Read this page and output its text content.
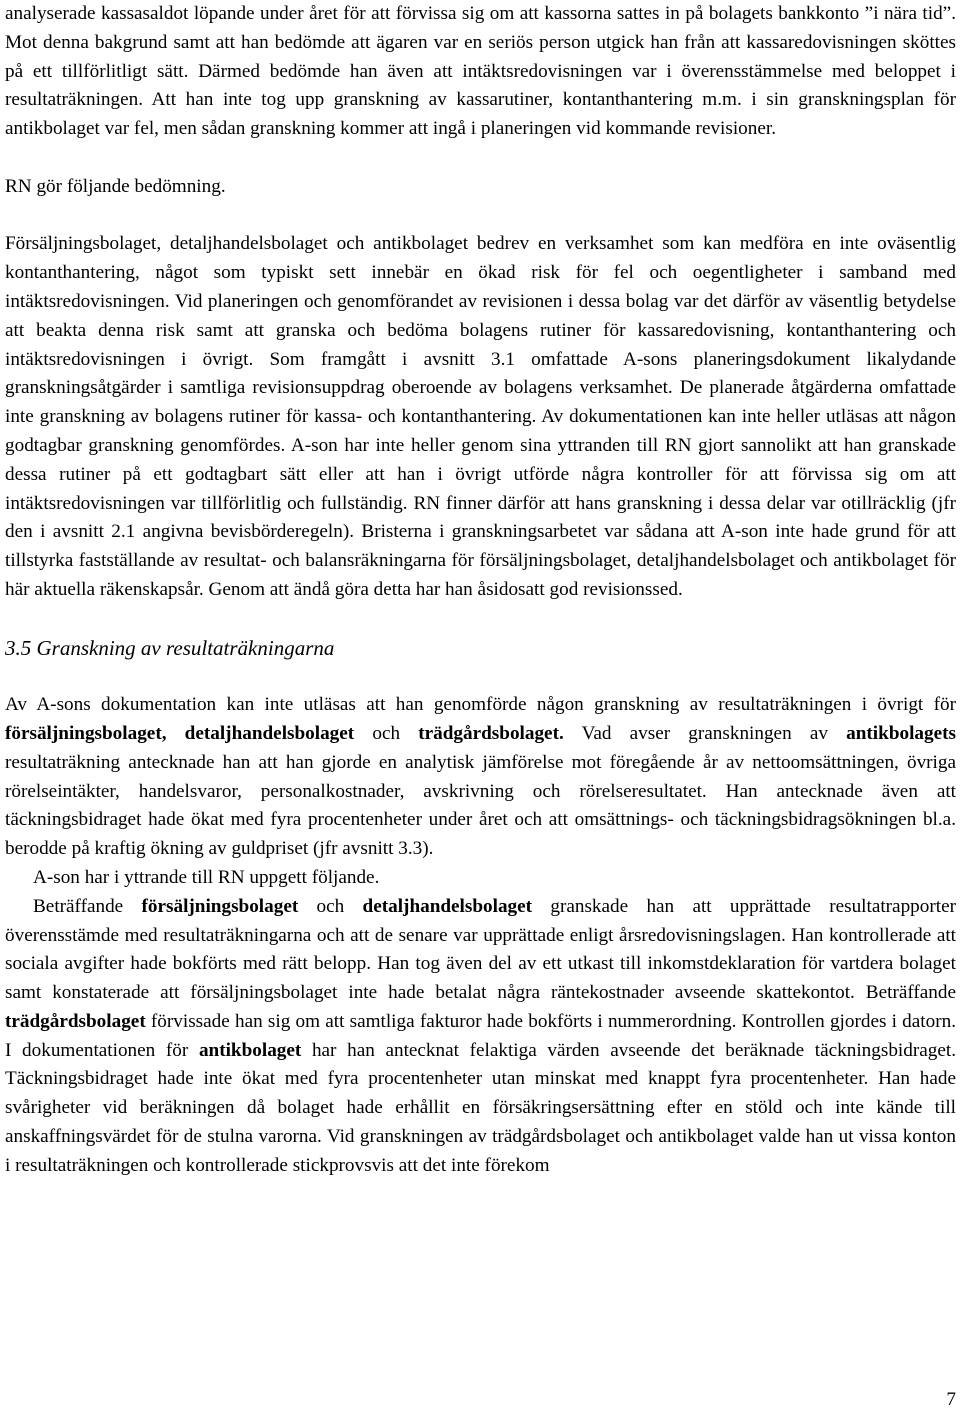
analyserade kassasaldot löpande under året för att förvissa sig om att kassorna sattes in på bolagets bankkonto ”i nära tid”. Mot denna bakgrund samt att han bedömde att ägaren var en seriös person utgick han från att kassaredovisningen sköttes på ett tillförlitligt sätt. Därmed bedömde han även att intäktsredovisningen var i överensstämmelse med beloppet i resultaträkningen. Att han inte tog upp granskning av kassarutiner, kontanthantering m.m. i sin granskningsplan för antikbolaget var fel, men sådan granskning kommer att ingå i planeringen vid kommande revisioner.

RN gör följande bedömning.

Försäljningsbolaget, detaljhandelsbolaget och antikbolaget bedrev en verksamhet som kan medföra en inte oväsentlig kontanthantering, något som typiskt sett innebär en ökad risk för fel och oegentligheter i samband med intäktsredovisningen. Vid planeringen och genomförandet av revisionen i dessa bolag var det därför av väsentlig betydelse att beakta denna risk samt att granska och bedöma bolagens rutiner för kassaredovisning, kontanthantering och intäktsredovisningen i övrigt. Som framgått i avsnitt 3.1 omfattade A-sons planeringsdokument likalydande granskningsåtgärder i samtliga revisionsuppdrag oberoende av bolagens verksamhet. De planerade åtgärderna omfattade inte granskning av bolagens rutiner för kassa- och kontanthantering. Av dokumentationen kan inte heller utläsas att någon godtagbar granskning genomfördes. A-son har inte heller genom sina yttranden till RN gjort sannolikt att han granskade dessa rutiner på ett godtagbart sätt eller att han i övrigt utförde några kontroller för att förvissa sig om att intäktsredovisningen var tillförlitlig och fullständig. RN finner därför att hans granskning i dessa delar var otillräcklig (jfr den i avsnitt 2.1 angivna bevisbörderegeln). Bristerna i granskningsarbetet var sådana att A-son inte hade grund för att tillstyrka fastställande av resultat- och balansräkningarna för försäljningsbolaget, detaljhandelsbolaget och antikbolaget för här aktuella räkenskapsår. Genom att ändå göra detta har han åsidosatt god revisionssed.

3.5 Granskning av resultaträkningarna

Av A-sons dokumentation kan inte utläsas att han genomförde någon granskning av resultaträkningen i övrigt för försäljningsbolaget, detaljhandelsbolaget och trädgårdsbolaget. Vad avser granskningen av antikbolagets resultaträkning antecknade han att han gjorde en analytisk jämförelse mot föregående år av nettoomsättningen, övriga rörelseintäkter, handelsvaror, personalkostnader, avskrivning och rörelseresultatet. Han antecknade även att täckningsbidraget hade ökat med fyra procentenheter under året och att omsättnings- och täckningsbidragsökningen bl.a. berodde på kraftig ökning av guldpriset (jfr avsnitt 3.3).

A-son har i yttrande till RN uppgett följande.

Beträffande försäljningsbolaget och detaljhandelsbolaget granskade han att upprättade resultatrapporter överensstämde med resultaträkningarna och att de senare var upprättade enligt årsredovisningslagen. Han kontrollerade att sociala avgifter hade bokförts med rätt belopp. Han tog även del av ett utkast till inkomstdeklaration för vartdera bolaget samt konstaterade att försäljningsbolaget inte hade betalat några räntekostnader avseende skattekontot. Beträffande trädgårdsbolaget förvissade han sig om att samtliga fakturor hade bokförts i nummerordning. Kontrollen gjordes i datorn. I dokumentationen för antikbolaget har han antecknat felaktiga värden avseende det beräknade täckningsbidraget. Täckningsbidraget hade inte ökat med fyra procentenheter utan minskat med knappt fyra procentenheter. Han hade svårigheter vid beräkningen då bolaget hade erhållit en försäkringsersättning efter en stöld och inte kände till anskaffningsvärdet för de stulna varorna. Vid granskningen av trädgårdsbolaget och antikbolaget valde han ut vissa konton i resultaträkningen och kontrollerade stickprovsvis att det inte förekom

7
